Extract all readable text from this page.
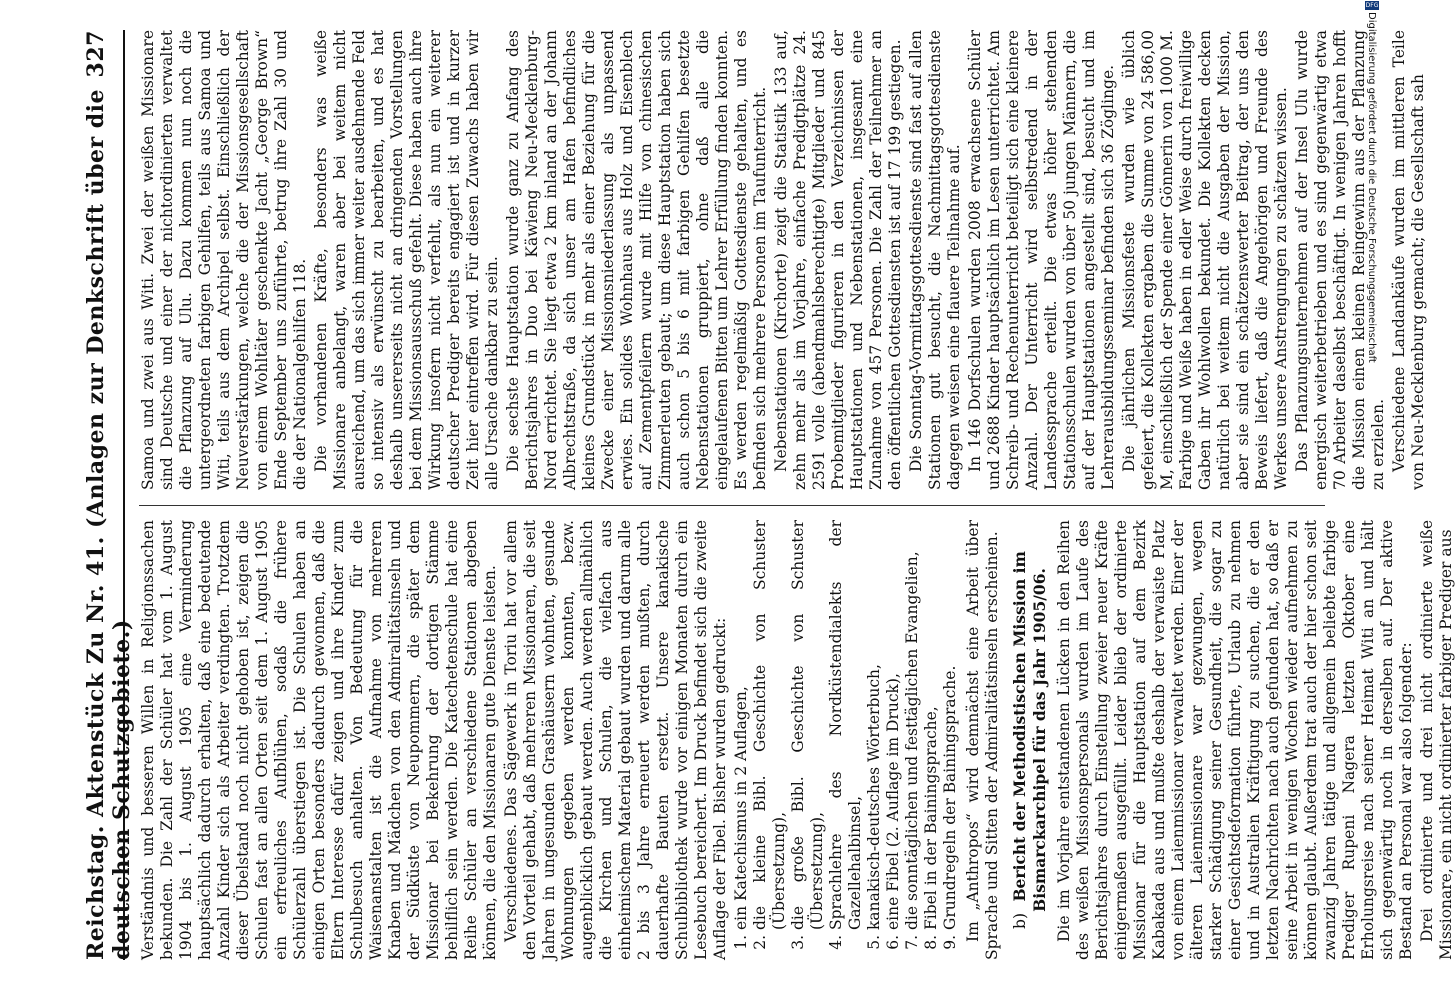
Reichstag. Aktenstück Zu Nr. 41. (Anlagen zur Denkschrift über die deutschen Schutzgebiete.)
327

Verständnis und besseren Willen in Religionssachen bekunden. Die Zahl der Schüler hat vom 1. August 1904 bis 1. August 1905 eine Verminderung hauptsächlich dadurch erhalten, daß eine bedeutende Anzahl Kinder sich als Arbeiter verdingten. Trotzdem dieser Übelstand noch nicht gehoben ist, zeigen die Schulen fast an allen Orten seit dem 1. August 1905 ein erfreuliches Aufblühen, sodaß die frühere Schülerzahl überstiegen ist. Die Schulen haben an einigen Orten besonders dadurch gewonnen, daß die Eltern Interesse dafür zeigen und ihre Kinder zum Schulbesuch anhalten. Von Bedeutung für die Waisenanstalten ist die Aufnahme von mehreren Knaben und Mädchen von den Admiralitätsinseln und der Südküste von Neupommern, die später dem Missionar bei Bekehrung der dortigen Stämme behilflich sein werden. Die Katechetenschule hat eine Reihe Schüler an verschiedene Stationen abgeben können, die den Missionaren gute Dienste leisten. Verschiedenes. Das Sägewerk in Toriu hat vor allem den Vorteil gehabt, daß mehreren Missionaren, die seit Jahren in ungesunden Grashäusern wohnten, gesunde Wohnungen gegeben werden konnten, bezw. augenblicklich gebaut werden. Auch werden allmählich die Kirchen und Schulen, die vielfach aus einheimischem Material gebaut wurden und darum alle 2 bis 3 Jahre erneuert werden mußten, durch dauerhafte Bauten ersetzt. Unsere kanakische Schulbibliothek wurde vor einigen Monaten durch ein Lesebuch bereichert. Im Druck befindet sich die zweite Auflage der Fibel. Bisher wurden gedruckt: 1. ein Katechismus in 2 Auflagen, 2. die kleine Bibl. Geschichte von Schuster (Übersetzung), 3. die große Bibl. Geschichte von Schuster (Übersetzung), 4. Sprachlehre des Nordküstendialekts der Gazellehalbinsel, 5. kanakisch-deutsches Wörterbuch, 6. eine Fibel (2. Auflage im Druck), 7. die sonntäglichen und festtäglichen Evangelien, 8. Fibel in der Bainingsprache, 9. Grundregeln der Bainingsprache. Im „Anthropos“ wird demnächst eine Arbeit über Sprache und Sitten der Admiralitätsinseln erscheinen. b) Bericht der Methodistischen Mission im Bismarckarchipel für das Jahr 1905/06. Die im Vorjahre entstandenen Lücken in den Reihen des weißen Missionspersonals wurden im Laufe des Berichtsjahres durch Einstellung zweier neuer Kräfte einigermaßen ausgefüllt. Leider blieb der ordinierte Missionar für die Hauptstation auf dem Bezirk Kabakada aus und mußte deshalb der verwaiste Platz von einem Laienmissionar verwaltet werden. Einer der älteren Laienmissionare war gezwungen, wegen starker Schädigung seiner Gesundheit, die sogar zu einer Gesichtsdeformation führte, Urlaub zu nehmen und in Australien Kräftigung zu suchen, die er den letzten Nachrichten nach auch gefunden hat, so daß er seine Arbeit in wenigen Wochen wieder aufnehmen zu können glaubt. Außerdem trat auch der hier schon seit zwanzig Jahren tätige und allgemein beliebte farbige Prediger Rupeni Nagera letzten Oktober eine Erholungsreise nach seiner Heimat Witi an und hält sich gegenwärtig noch in derselben auf. Der aktive Bestand an Personal war also folgender: Drei ordinierte und drei nicht ordinierte weiße Missionare, ein nicht ordinierter farbiger Prediger aus

Samoa und zwei aus Witi. Zwei der weißen Missionare sind Deutsche und einer der nichtordinierten verwaltet die Pflanzung auf Ulu. Dazu kommen nun noch die untergeordneten farbigen Gehilfen, teils aus Samoa und Witi, teils aus dem Archipel selbst. Einschließlich der Neuverstärkungen, welche die der Missionsgesellschaft von einem Wohltäter geschenkte Jacht „George Brown“ Ende September uns zuführte, betrug ihre Zahl 30 und die der Nationalgehilfen 118. Die vorhandenen Kräfte, besonders was weiße Missionare anbelangt, waren aber bei weitem nicht ausreichend, um das sich immer weiter ausdehnende Feld so intensiv als erwünscht zu bearbeiten, und es hat deshalb unsererseits nicht an dringenden Vorstellungen bei dem Missionsausschuß gefehlt. Diese haben auch ihre Wirkung insofern nicht verfehlt, als nun ein weiterer deutscher Prediger bereits engagiert ist und in kurzer Zeit hier eintreffen wird. Für diesen Zuwachs haben wir alle Ursache dankbar zu sein. Die sechste Hauptstation wurde ganz zu Anfang des Berichtsjahres in Duo bei Käwieng Neu-Mecklenburg-Nord errichtet. Sie liegt etwa 2 km inland an der Johann Albrechtstraße, da sich unser am Hafen befindliches kleines Grundstück in mehr als einer Beziehung für die Zwecke einer Missionsniederlassung als unpassend erwies. Ein solides Wohnhaus aus Holz und Eisenblech auf Zementpfeilern wurde mit Hilfe von chinesischen Zimmerleuten gebaut; um diese Hauptstation haben sich auch schon 5 bis 6 mit farbigen Gehilfen besetzte Nebenstationen gruppiert, ohne daß alle die eingelaufenen Bitten um Lehrer Erfüllung finden konnten. Es werden regelmäßig Gottesdienste gehalten, und es befinden sich mehrere Personen im Taufunterricht. Nebenstationen (Kirchorte) zeigt die Statistik 133 auf, zehn mehr als im Vorjahre, einfache Predigtplätze 24. 2591 volle (abendmahlsberechtigte) Mitglieder und 845 Probemitglieder figurieren in den Verzeichnissen der Hauptstationen und Nebenstationen, insgesamt eine Zunahme von 457 Personen. Die Zahl der Teilnehmer an den öffentlichen Gottesdiensten ist auf 17 199 gestiegen. Die Sonntag-Vormittagsgottesdienste sind fast auf allen Stationen gut besucht, die Nachmittagsgottesdienste dagegen weisen eine flauere Teilnahme auf. In 146 Dorfschulen wurden 2008 erwachsene Schüler und 2688 Kinder hauptsächlich im Lesen unterrichtet. Am Schreib- und Rechenunterricht beteiligt sich eine kleinere Anzahl. Der Unterricht wird selbstredend in der Landessprache erteilt. Die etwas höher stehenden Stationsschulen wurden von über 50 jungen Männern, die auf der Hauptstationen angestellt sind, besucht und im Lehrerausbildungsseminar befinden sich 36 Zöglinge. Die jährlichen Missionsfeste wurden wie üblich gefeiert, die Kollekten ergaben die Summe von 24 586,00 M, einschließlich der Spende einer Gönnerin von 1000 M. Farbige und Weiße haben in edler Weise durch freiwillige Gaben ihr Wohlwollen bekundet. Die Kollekten decken natürlich bei weitem nicht die Ausgaben der Mission, aber sie sind ein schätzenswerter Beitrag, der uns den Beweis liefert, daß die Angehörigen und Freunde des Werkes unsere Anstrengungen zu schätzen wissen. Das Pflanzungsunternehmen auf der Insel Ulu wurde energisch weiterbetrieben und es sind gegenwärtig etwa 70 Arbeiter daselbst beschäftigt. In wenigen Jahren hofft die Mission einen kleinen Reingewinn aus der Pflanzung zu erzielen. Verschiedene Landankäufe wurden im mittleren Teile von Neu-Mecklenburg gemacht; die Gesellschaft sah

DFG
Digitalisierung gefördert durch die Deutsche Forschungsgemeinschaft
